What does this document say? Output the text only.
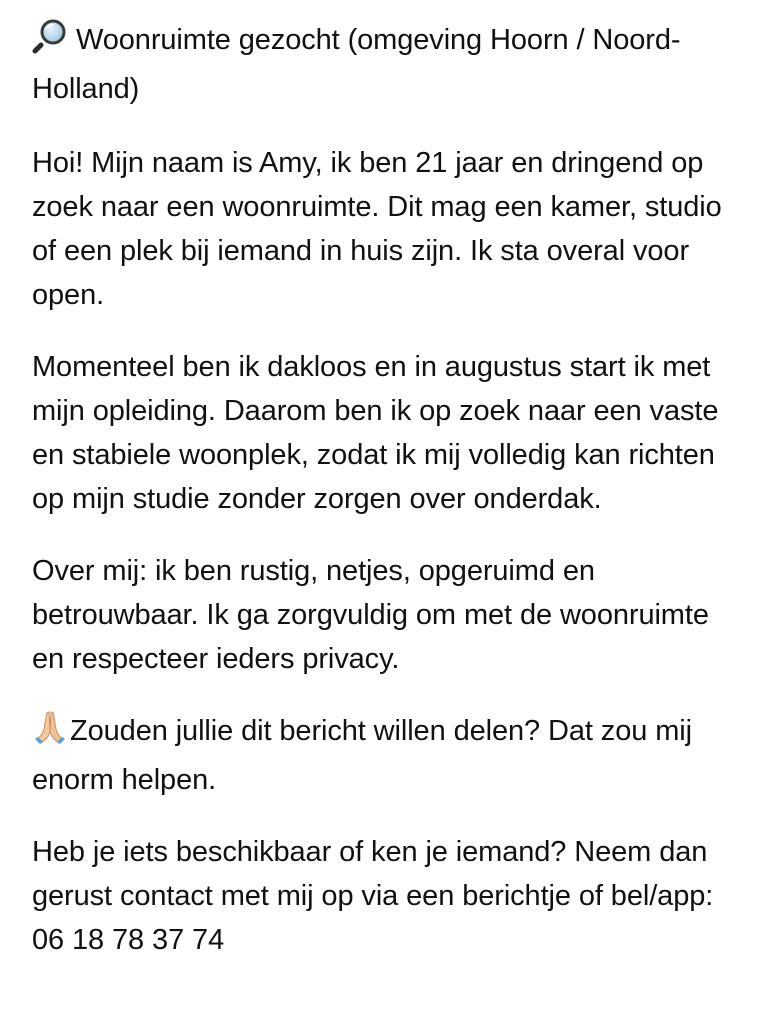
Woonruimte gezocht (omgeving Hoorn / Noord-Holland)

Hoi! Mijn naam is Amy, ik ben 21 jaar en dringend op zoek naar een woonruimte. Dit mag een kamer, studio of een plek bij iemand in huis zijn. Ik sta overal voor open.

Momenteel ben ik dakloos en in augustus start ik met mijn opleiding. Daarom ben ik op zoek naar een vaste en stabiele woonplek, zodat ik mij volledig kan richten op mijn studie zonder zorgen over onderdak.

Over mij: ik ben rustig, netjes, opgeruimd en betrouwbaar. Ik ga zorgvuldig om met de woonruimte en respecteer ieders privacy.

Zouden jullie dit bericht willen delen? Dat zou mij enorm helpen.

Heb je iets beschikbaar of ken je iemand? Neem dan gerust contact met mij op via een berichtje of bel/app: 06 18 78 37 74
